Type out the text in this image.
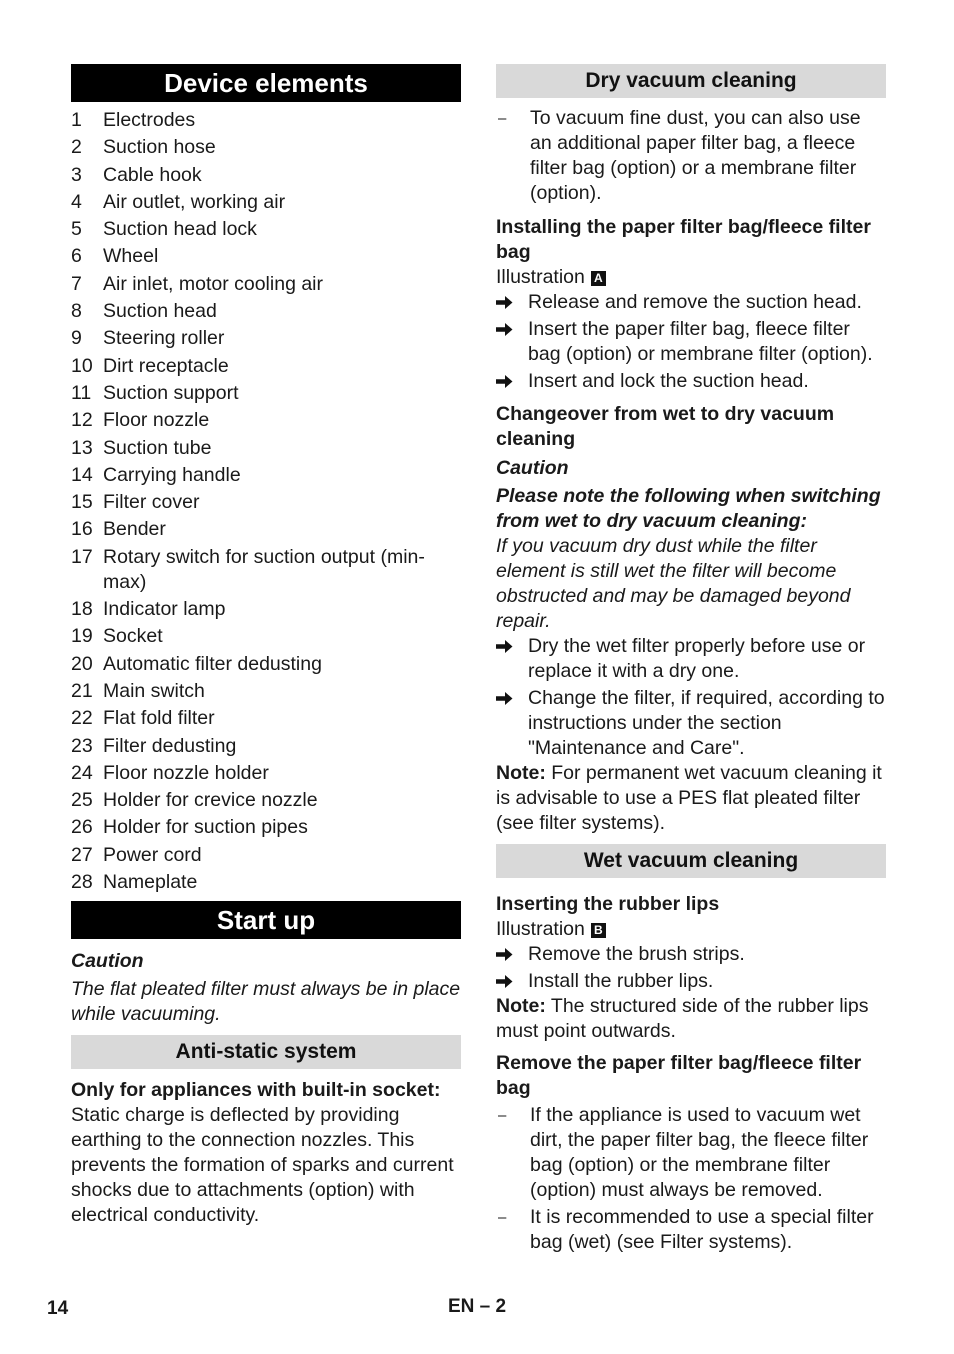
Device elements
1	Electrodes
2	Suction hose
3	Cable hook
4	Air outlet, working air
5	Suction head lock
6	Wheel
7	Air inlet, motor cooling air
8	Suction head
9	Steering roller
10 Dirt receptacle
11 Suction support
12 Floor nozzle
13 Suction tube
14 Carrying handle
15 Filter cover
16 Bender
17 Rotary switch for suction output (min-max)
18 Indicator lamp
19 Socket
20 Automatic filter dedusting
21 Main switch
22 Flat fold filter
23 Filter dedusting
24 Floor nozzle holder
25 Holder for crevice nozzle
26 Holder for suction pipes
27 Power cord
28 Nameplate
Start up

Caution

The flat pleated filter must always be in place while vacuuming.

Anti-static system

Only for appliances with built-in socket:

Static charge is deflected by providing earthing to the connection nozzles. This prevents the formation of sparks and current shocks due to attachments (option) with electrical conductivity.

Dry vacuum cleaning
–	To vacuum fine dust, you can also use an additional paper filter bag, a fleece filter bag (option) or a membrane filter (option).

Installing the paper filter bag/fleece filter bag

Illustration A

Release and remove the suction head.
Insert the paper filter bag, fleece filter bag (option) or membrane filter (option).
Insert and lock the suction head.

Changeover from wet to dry vacuum cleaning

Caution

Please note the following when switching from wet to dry vacuum cleaning:

If you vacuum dry dust while the filter element is still wet the filter will become obstructed and may be damaged beyond repair.

Dry the wet filter properly before use or replace it with a dry one.
Change the filter, if required, according to instructions under the section "Maintenance and Care".

Note: For permanent wet vacuum cleaning it is advisable to use a PES flat pleated filter (see filter systems).

Wet vacuum cleaning

Inserting the rubber lips

Illustration B

Remove the brush strips.
Install the rubber lips.

Note: The structured side of the rubber lips must point outwards.

Remove the paper filter bag/fleece filter bag

–	If the appliance is used to vacuum wet dirt, the paper filter bag, the fleece filter bag (option) or the membrane filter (option) must always be removed.
–	It is recommended to use a special filter bag (wet) (see Filter systems).
14	EN – 2
